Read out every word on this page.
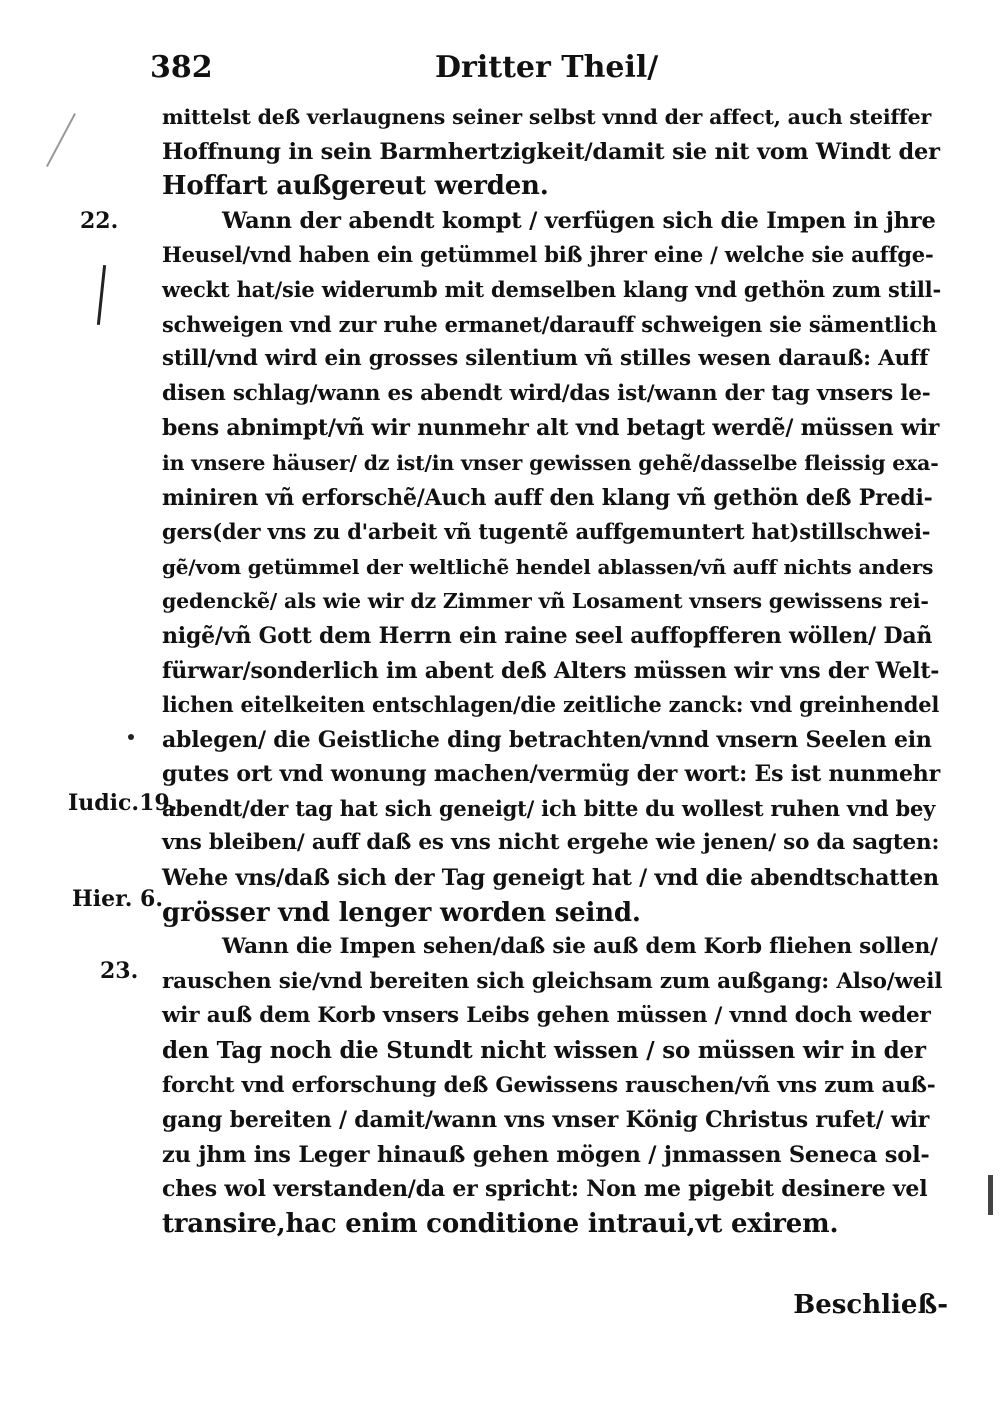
382	Dritter Theil/
22.
Iudic.19.
Hier. 6.
23.
mittelst deß verlaugnens seiner selbst vnnd der affect, auch steiffer
Hoffnung in sein Barmhertzigkeit/damit sie nit vom Windt der
Hoffart außgereut werden.
Wann der abendt kompt / verfügen sich die Impen in jhre
Heusel/vnd haben ein getümmel biß jhrer eine / welche sie auffge-
weckt hat/sie widerumb mit demselben klang vnd gethön zum still-
schweigen vnd zur ruhe ermanet/darauff schweigen sie sämentlich
still/vnd wird ein grosses silentium vñ stilles wesen darauß: Auff
disen schlag/wann es abendt wird/das ist/wann der tag vnsers le-
bens abnimpt/vñ wir nunmehr alt vnd betagt werdẽ/ müssen wir
in vnsere häuser/ dz ist/in vnser gewissen gehẽ/dasselbe fleissig exa-
miniren vñ erforschẽ/Auch auff den klang vñ gethön deß Predi-
gers(der vns zu d'arbeit vñ tugentẽ auffgemuntert hat)stillschwei-
gẽ/vom getümmel der weltlichẽ hendel ablassen/vñ auff nichts anders
gedenckẽ/ als wie wir dz Zimmer vñ Losament vnsers gewissens rei-
nigẽ/vñ Gott dem Herrn ein raine seel auffopfferen wöllen/ Dañ
fürwar/sonderlich im abent deß Alters müssen wir vns der Welt-
lichen eitelkeiten entschlagen/die zeitliche zanck: vnd greinhendel
ablegen/ die Geistliche ding betrachten/vnnd vnsern Seelen ein
gutes ort vnd wonung machen/vermüg der wort: Es ist nunmehr
abendt/der tag hat sich geneigt/ ich bitte du wollest ruhen vnd bey
vns bleiben/ auff daß es vns nicht ergehe wie jenen/ so da sagten:
Wehe vns/daß sich der Tag geneigt hat / vnd die abendtschatten
grösser vnd lenger worden seind.
Wann die Impen sehen/daß sie auß dem Korb fliehen sollen/
rauschen sie/vnd bereiten sich gleichsam zum außgang: Also/weil
wir auß dem Korb vnsers Leibs gehen müssen / vnnd doch weder
den Tag noch die Stundt nicht wissen / so müssen wir in der
forcht vnd erforschung deß Gewissens rauschen/vñ vns zum auß-
gang bereiten / damit/wann vns vnser König Christus rufet/ wir
zu jhm ins Leger hinauß gehen mögen / jnmassen Seneca sol-
ches wol verstanden/da er spricht: Non me pigebit desinere vel
transire,hac enim conditione intraui,vt exirem.
Beschließ-
